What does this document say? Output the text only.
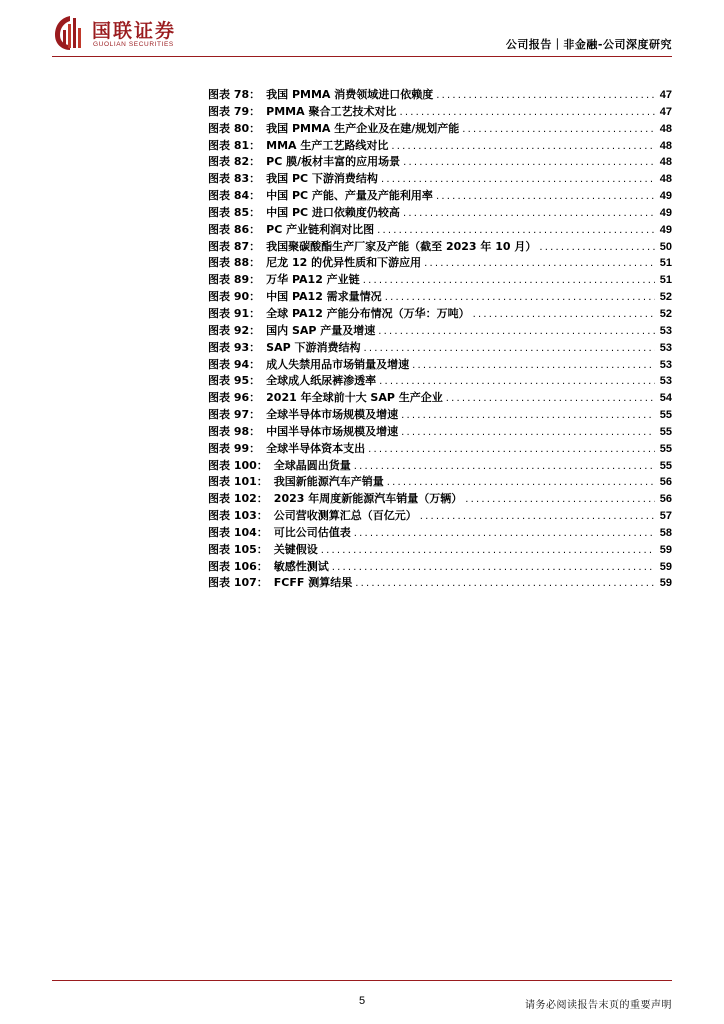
国联证券
GUOLIAN SECURITIES	公司报告｜非金融-公司深度研究
图表 78： 我国 PMMA 消费领域进口依赖度 .....	47
图表 79： PMMA 聚合工艺技术对比 .....	47
图表 80： 我国 PMMA 生产企业及在建/规划产能 .....	48
图表 81： MMA 生产工艺路线对比 .....	48
图表 82： PC 膜/板材丰富的应用场景 .....	48
图表 83： 我国 PC 下游消费结构 .....	48
图表 84： 中国 PC 产能、产量及产能利用率 .....	49
图表 85： 中国 PC 进口依赖度仍较高 .....	49
图表 86： PC 产业链利润对比图 .....	49
图表 87： 我国聚碳酸酯生产厂家及产能（截至 2023 年 10 月） .....	50
图表 88： 尼龙 12 的优异性质和下游应用 .....	51
图表 89： 万华 PA12 产业链 .....	51
图表 90： 中国 PA12 需求量情况 .....	52
图表 91： 全球 PA12 产能分布情况（万华：万吨） .....	52
图表 92： 国内 SAP 产量及增速 .....	53
图表 93： SAP 下游消费结构 .....	53
图表 94： 成人失禁用品市场销量及增速 .....	53
图表 95： 全球成人纸尿裤渗透率 .....	53
图表 96： 2021 年全球前十大 SAP 生产企业 .....	54
图表 97： 全球半导体市场规模及增速 .....	55
图表 98： 中国半导体市场规模及增速 .....	55
图表 99： 全球半导体资本支出 .....	55
图表 100： 全球晶圆出货量 .....	55
图表 101： 我国新能源汽车产销量 .....	56
图表 102： 2023 年周度新能源汽车销量（万辆） .....	56
图表 103： 公司营收测算汇总（百亿元） .....	57
图表 104： 可比公司估值表 .....	58
图表 105： 关键假设 .....	59
图表 106： 敏感性测试 .....	59
图表 107： FCFF 测算结果 .....	59
5	请务必阅读报告末页的重要声明
